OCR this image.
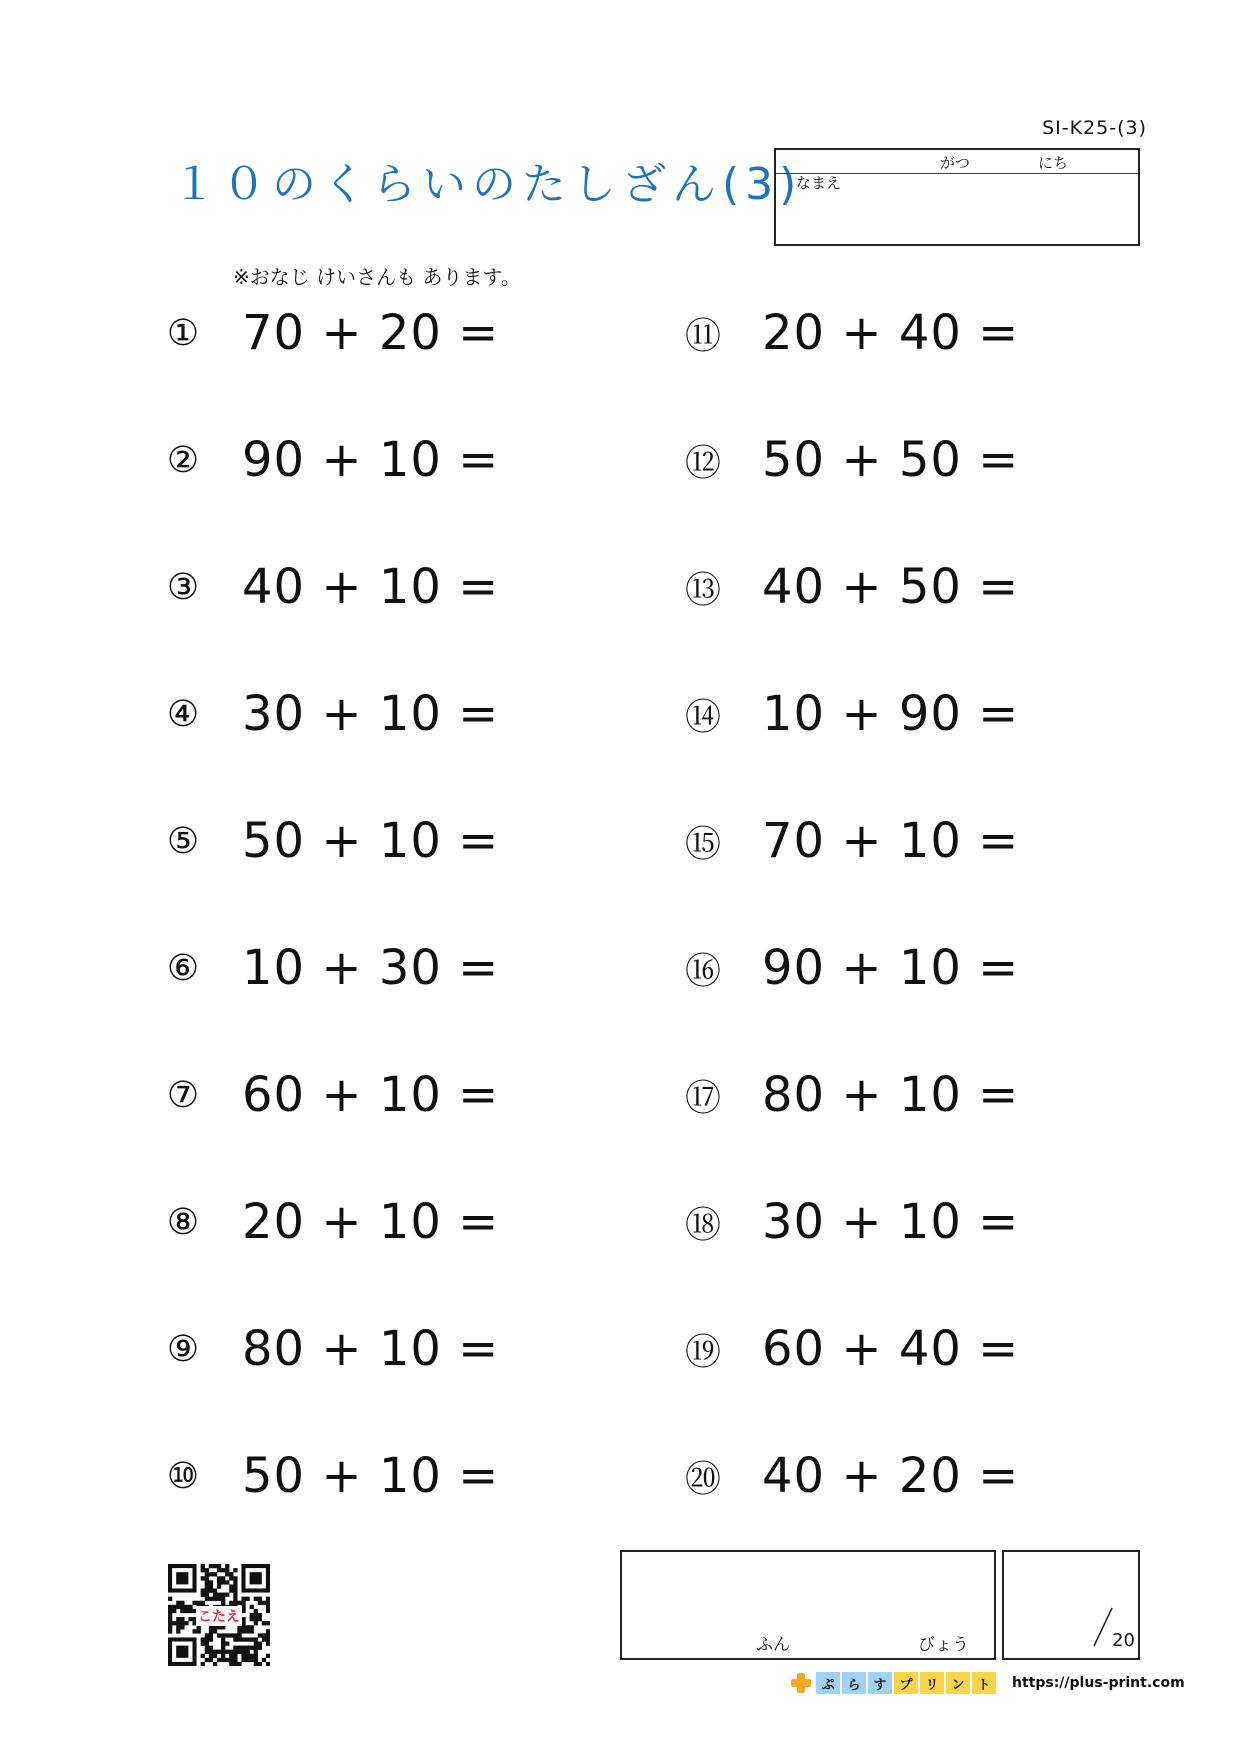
SI-K25-(3)
１０のくらいのたしざん(3)	がつ	にち
なまえ
※おなじ けいさんも あります。
① 70 + 20 =
② 90 + 10 =
③ 40 + 10 =
④ 30 + 10 =
⑤ 50 + 10 =
⑥ 10 + 30 =
⑦ 60 + 10 =
⑧ 20 + 10 =
⑨ 80 + 10 =
⑩ 50 + 10 =
⑪ 20 + 40 =
⑫ 50 + 50 =
⑬ 40 + 50 =
⑭ 10 + 90 =
⑮ 70 + 10 =
⑯ 90 + 10 =
⑰ 80 + 10 =
⑱ 30 + 10 =
⑲ 60 + 40 =
⑳ 40 + 20 =
こたえ
ふん	びょう	20
ぷ ら す プ リ ン ト	https://plus-print.com
